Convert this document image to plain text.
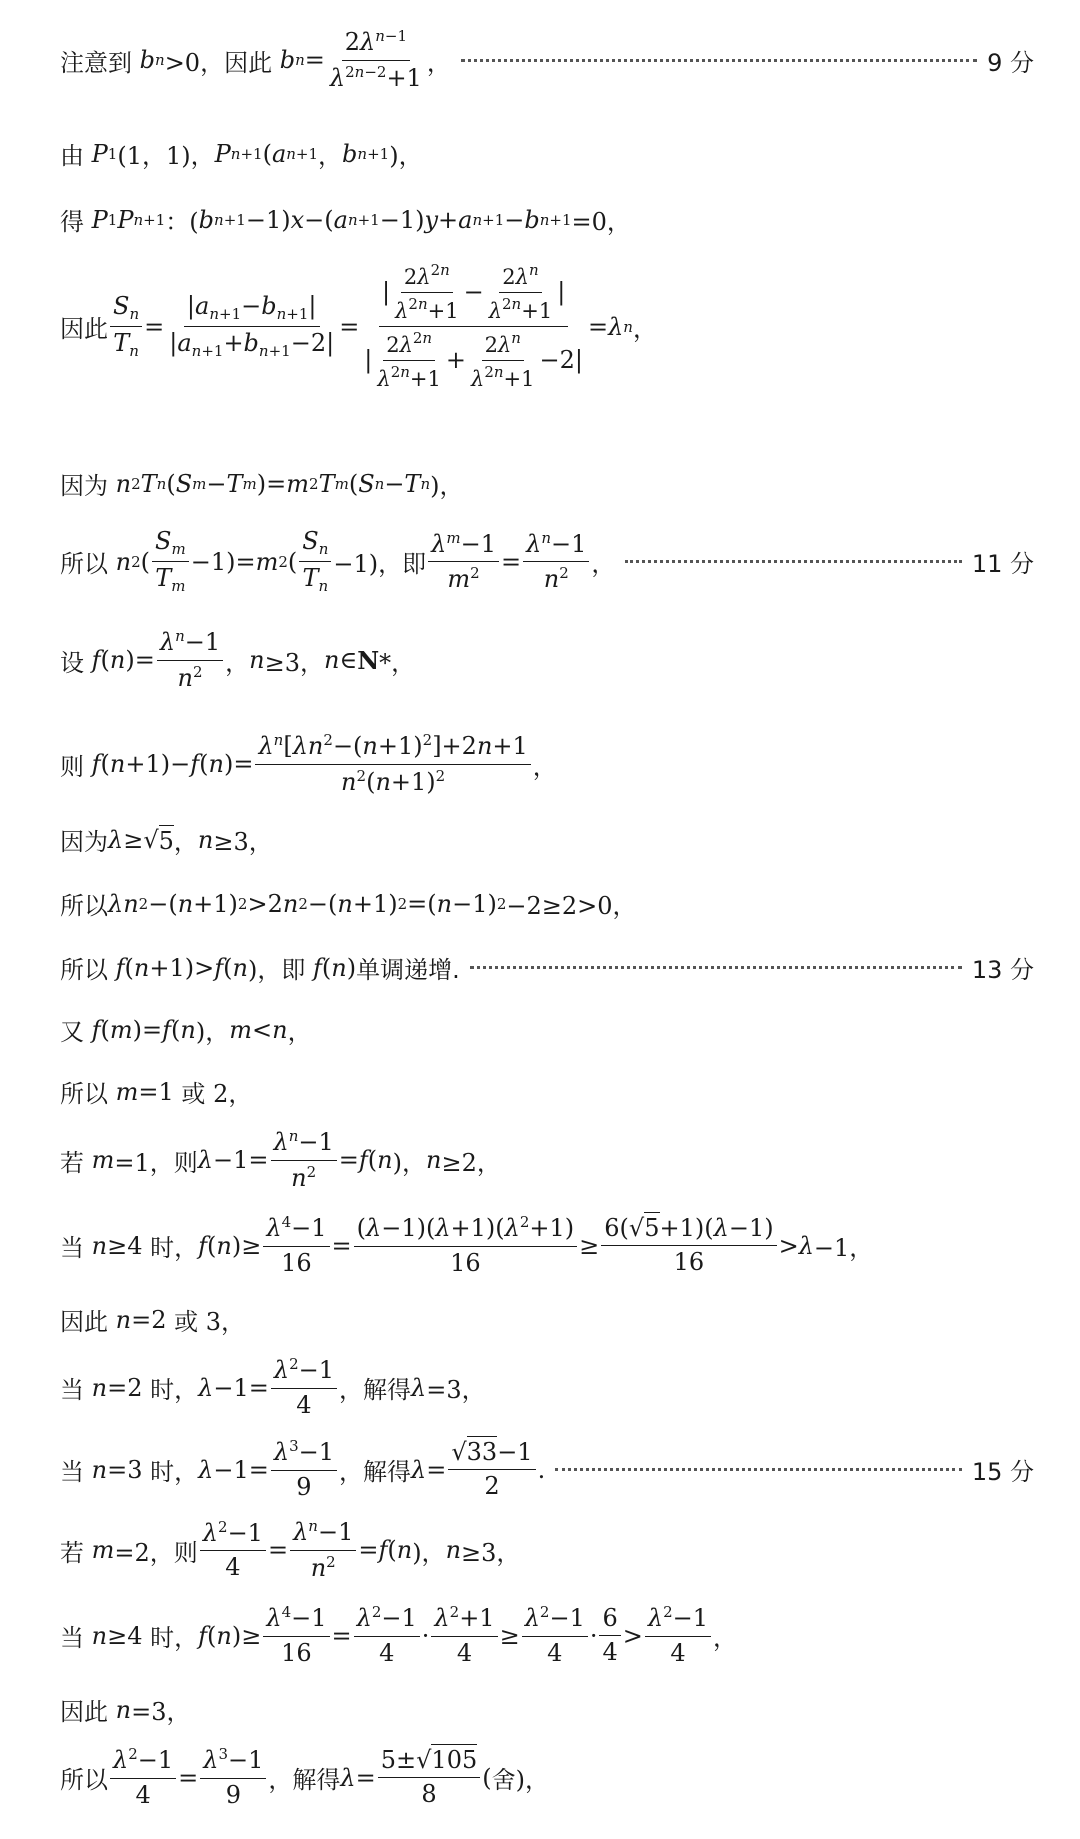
注意到 b n >0， 因此 b $n = \frac{2\lambda^{n-1}}{\lambda^{2n-2}+1}$ ，	9 分
由 P 1 (1，1)， P n+1 ( a n+1 ， b n+1 )，
得 P 1 P n+1 ：( b n+1 −1) x −( a n+1 −1) y + a n+1 − b n+1 =0，
因此 $\frac{S_n}{T_n} = \frac{|a_{n+1}-b_{n+1}|}{|a_{n+1}+b_{n+1}-2|} = \frac{| \frac{2\lambda^{2n}}{\lambda^{2n}+1} - \frac{2\lambda^n}{\lambda^{2n}+1} |}{| \frac{2\lambda^{2n}}{\lambda^{2n}+1} + \frac{2\lambda^n}{\lambda^{2n}+1} -2|} = \lambda$ n ，
因为 n 2 T n ( S m − T m )= m 2 T m ( S n − T n )，
所以 n 2 ( $\frac{S_m}{T_m} -1)= m$ 2 ( $\frac{S_n}{T_n} -1$)， 即 $\frac{\lambda^m-1}{m^2} = \frac{\lambda^n-1}{n^2}$ ，	11 分
设 f ( n )= $\frac{\lambda^n-1}{n^2}$ ， n ≥3， n ∈ N *，
则 f ( n +1)− f ( n )= $\frac{\lambda^n[\lambda n^2-(n+1)^2]+2n+1}{n^2(n+1)^2}$ ，
因为 λ ≥√ 5 ， n ≥3，
所以 λn 2 −( n +1) 2 >2 n 2 −( n +1) 2 =( n −1) 2 −2≥2>0，
所以 f ( n +1)> f ( n )， 即 f ( n ) 单调递增.	13 分
又 f ( m )= f ( n )， m < n ，
所以 m =1 或 2，
若 m =1， 则 $\lambda -1= \frac{\lambda^n-1}{n^2} = f$ ( n )， n ≥2，
当 n ≥4 时， f ( n )≥ $\frac{\lambda^4-1}{16} = \frac{(\lambda-1)(\lambda+1)(\lambda^2+1)}{16} \ge \frac{6(√5+1)(\lambda-1)}{16} > \lambda -1$，
因此 n =2 或 3，
当 n =2 时， $\lambda -1= \frac{\lambda^2-1}{4}$ ， 解得 λ =3，
当 n =3 时， $\lambda -1= \frac{\lambda^3-1}{9}$ ， 解得 $\lambda = \frac{√33-1}{2}$ .	15 分
若 m =2， 则 $\frac{\lambda^2-1}{4} = \frac{\lambda^n-1}{n^2} = f$ ( n )， n ≥3，
当 n ≥4 时， f ( n )≥ $\frac{\lambda^4-1}{16} = \frac{\lambda^2-1}{4} \cdot \frac{\lambda^2+1}{4} \ge \frac{\lambda^2-1}{4} \cdot \frac{6}{4} > \frac{\lambda^2-1}{4}$ ，
因此 n =3，
所以 $\frac{\lambda^2-1}{4} = \frac{\lambda^3-1}{9}$ ， 解得 $\lambda = \frac{5\pm√105}{8}$ ( 舍 )，
